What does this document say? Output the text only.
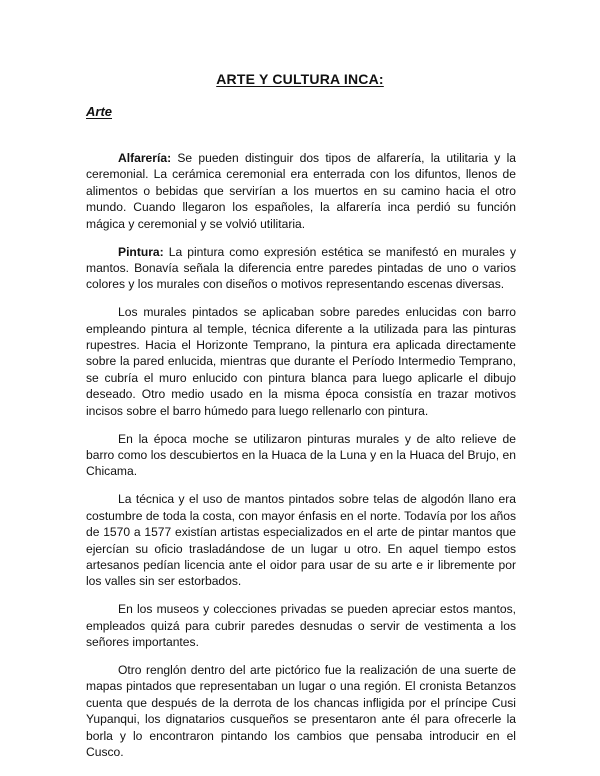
ARTE Y CULTURA INCA:
Arte

Alfarería: Se pueden distinguir dos tipos de alfarería, la utilitaria y la ceremonial. La cerámica ceremonial era enterrada con los difuntos, llenos de alimentos o bebidas que servirían a los muertos en su camino hacia el otro mundo. Cuando llegaron los españoles, la alfarería inca perdió su función mágica y ceremonial y se volvió utilitaria.

Pintura: La pintura como expresión estética se manifestó en murales y mantos. Bonavía señala la diferencia entre paredes pintadas de uno o varios colores y los murales con diseños o motivos representando escenas diversas.

Los murales pintados se aplicaban sobre paredes enlucidas con barro empleando pintura al temple, técnica diferente a la utilizada para las pinturas rupestres. Hacia el Horizonte Temprano, la pintura era aplicada directamente sobre la pared enlucida, mientras que durante el Período Intermedio Temprano, se cubría el muro enlucido con pintura blanca para luego aplicarle el dibujo deseado. Otro medio usado en la misma época consistía en trazar motivos incisos sobre el barro húmedo para luego rellenarlo con pintura.

En la época moche se utilizaron pinturas murales y de alto relieve de barro como los descubiertos en la Huaca de la Luna y en la Huaca del Brujo, en Chicama.

La técnica y el uso de mantos pintados sobre telas de algodón llano era costumbre de toda la costa, con mayor énfasis en el norte. Todavía por los años de 1570 a 1577 existían artistas especializados en el arte de pintar mantos que ejercían su oficio trasladándose de un lugar u otro. En aquel tiempo estos artesanos pedían licencia ante el oidor para usar de su arte e ir libremente por los valles sin ser estorbados.

En los museos y colecciones privadas se pueden apreciar estos mantos, empleados quizá para cubrir paredes desnudas o servir de vestimenta a los señores importantes.

Otro renglón dentro del arte pictórico fue la realización de una suerte de mapas pintados que representaban un lugar o una región. El cronista Betanzos cuenta que después de la derrota de los chancas infligida por el príncipe Cusi Yupanqui, los dignatarios cusqueños se presentaron ante él para ofrecerle la borla y lo encontraron pintando los cambios que pensaba introducir en el Cusco.
